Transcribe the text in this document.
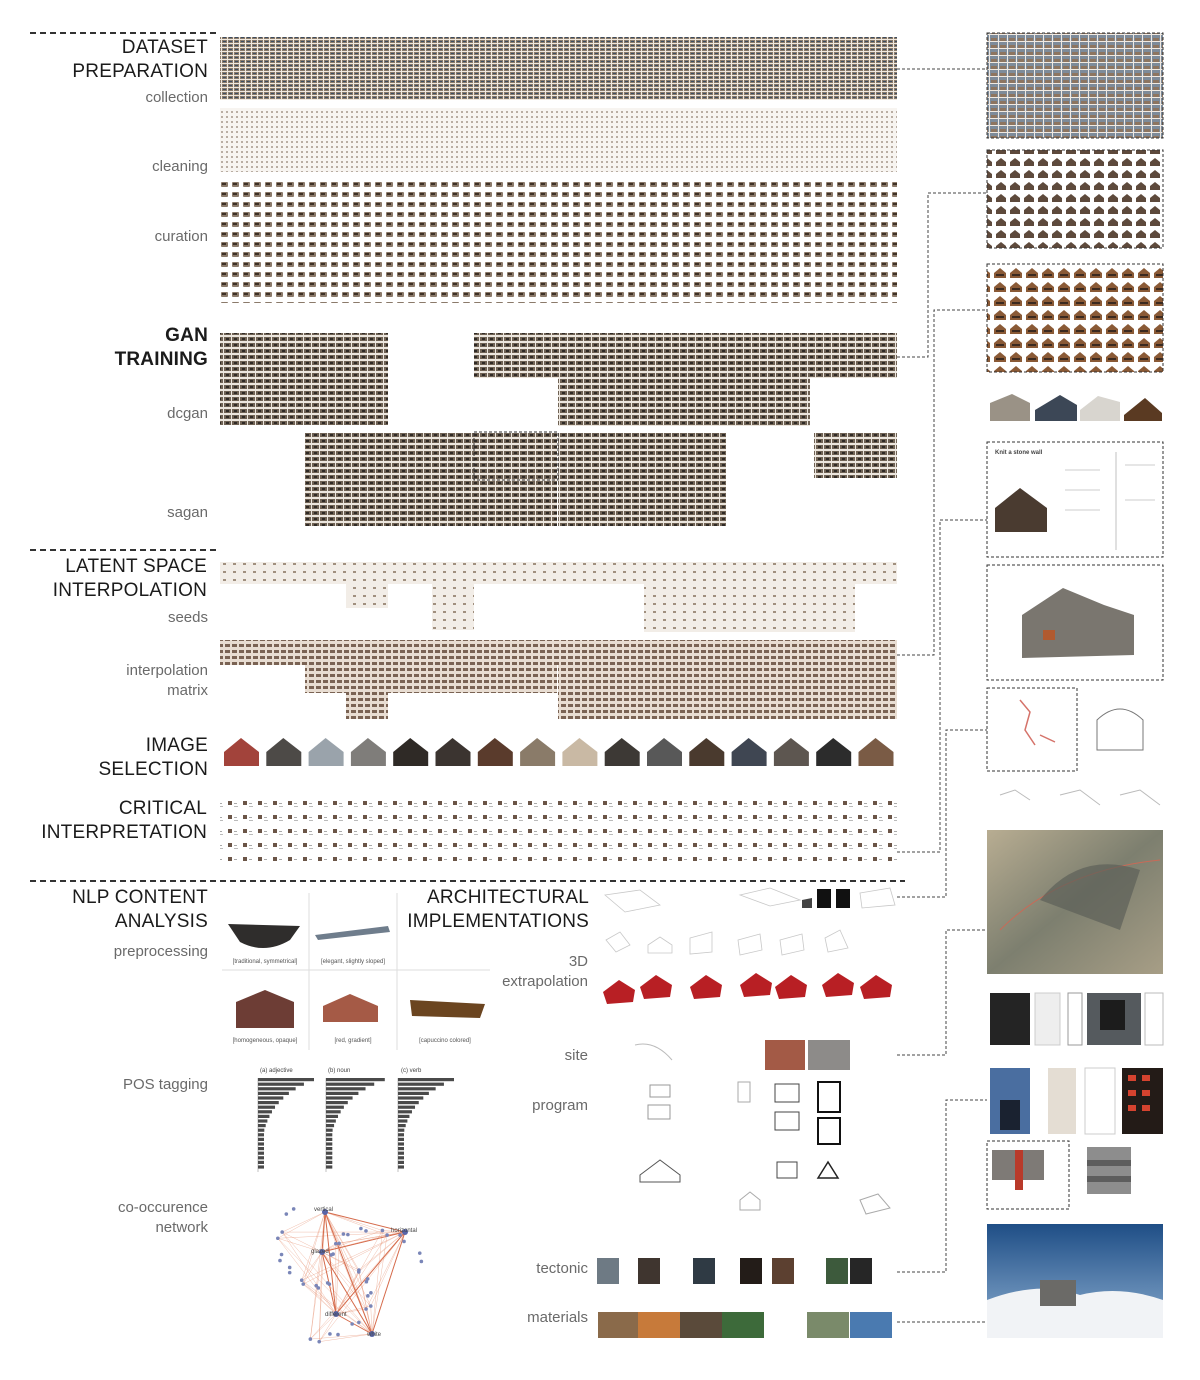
DATASET
PREPARATION
collection
cleaning
curation
GAN
TRAINING
dcgan
sagan
LATENT SPACE
INTERPOLATION
seeds
interpolation
matrix
IMAGE
SELECTION
CRITICAL
INTERPRETATION
NLP CONTENT
ANALYSIS
preprocessing
POS tagging
co-occurence
network
ARCHITECTURAL
IMPLEMENTATIONS
3D
extrapolation
site
program
tectonic
materials
[traditional, symmetrical]	[elegant, slightly sloped]
[homogeneous, opaque]	[red, gradient]	[capuccino colored]
(a) adjective	(b) noun	(c) verb
vertical
horizontal
glazed
different
white
Knit a stone wall
